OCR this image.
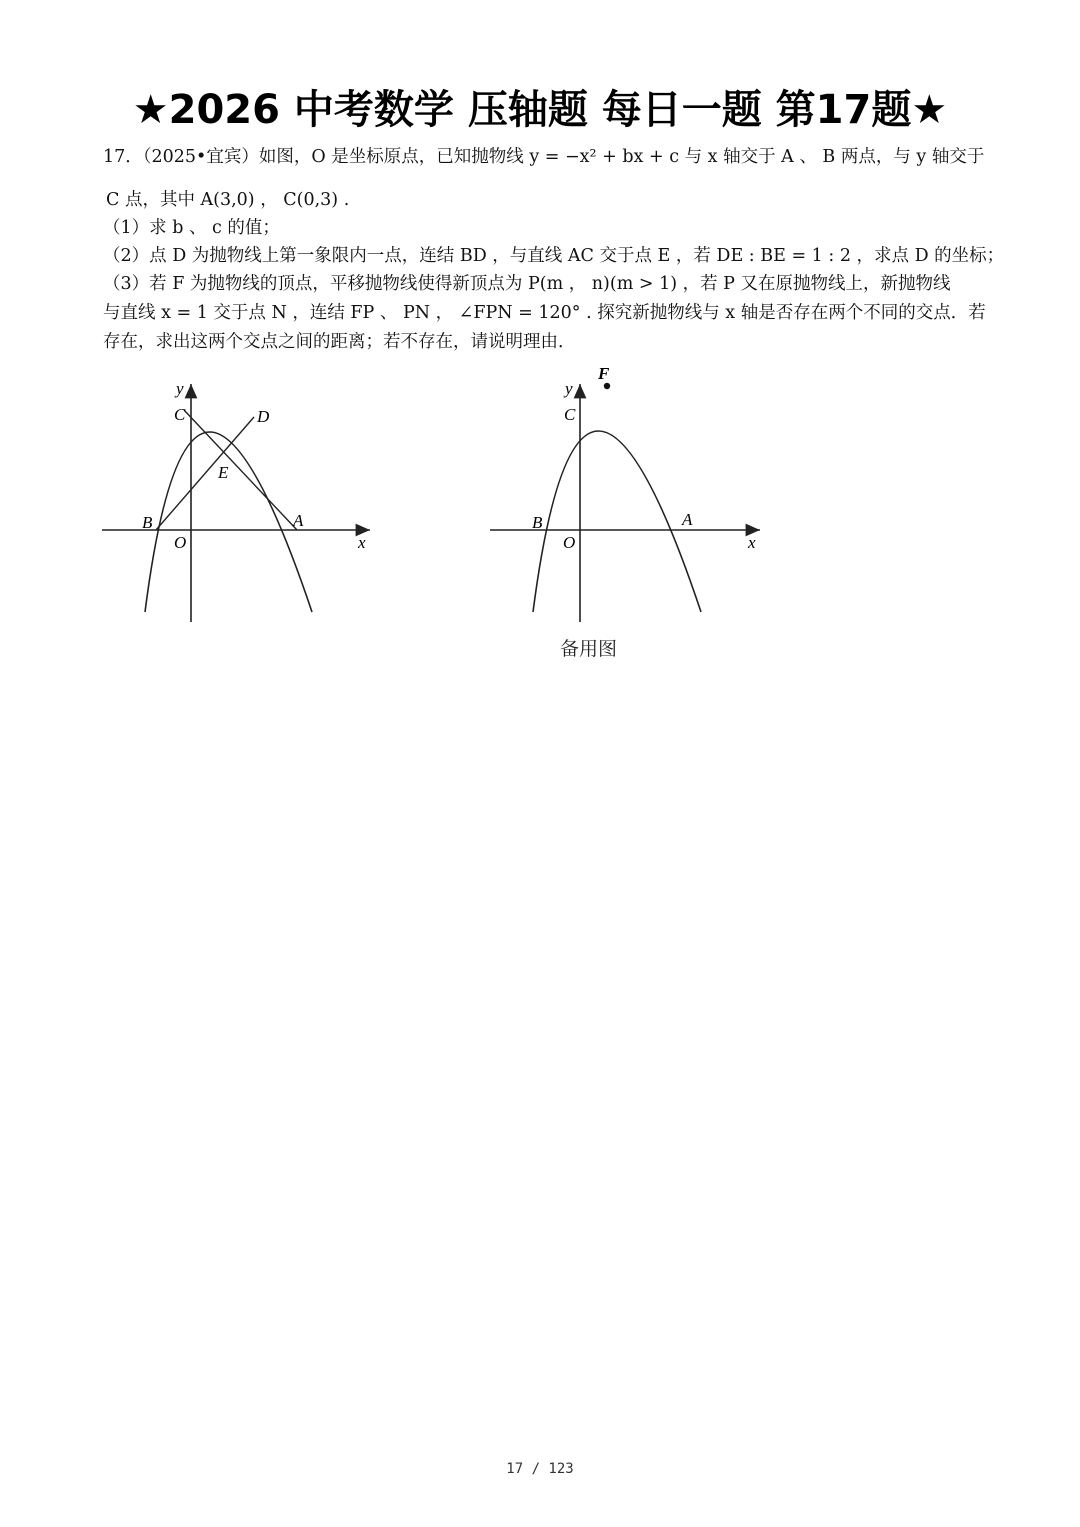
★2026 中考数学 压轴题 每日一题 第17题★
17．（2025•宜宾）如图，O 是坐标原点，已知抛物线 y = −x² + bx + c 与 x 轴交于 A 、 B 两点，与 y 轴交于
C 点，其中 A(3,0) ， C(0,3) .
（1）求 b 、 c 的值；
（2）点 D 为抛物线上第一象限内一点，连结 BD ，与直线 AC 交于点 E ，若 DE : BE = 1 : 2 ，求点 D 的坐标；
（3）若 F 为抛物线的顶点，平移抛物线使得新顶点为 P(m ， n)(m > 1) ，若 P 又在原抛物线上，新抛物线
与直线 x = 1 交于点 N ，连结 FP 、 PN ， ∠FPN = 120° . 探究新抛物线与 x 轴是否存在两个不同的交点．若
存在，求出这两个交点之间的距离；若不存在，请说明理由．
y
C	D
E
B	A
O	x
F
y
C
B	A
O	x
备用图
17 / 123
